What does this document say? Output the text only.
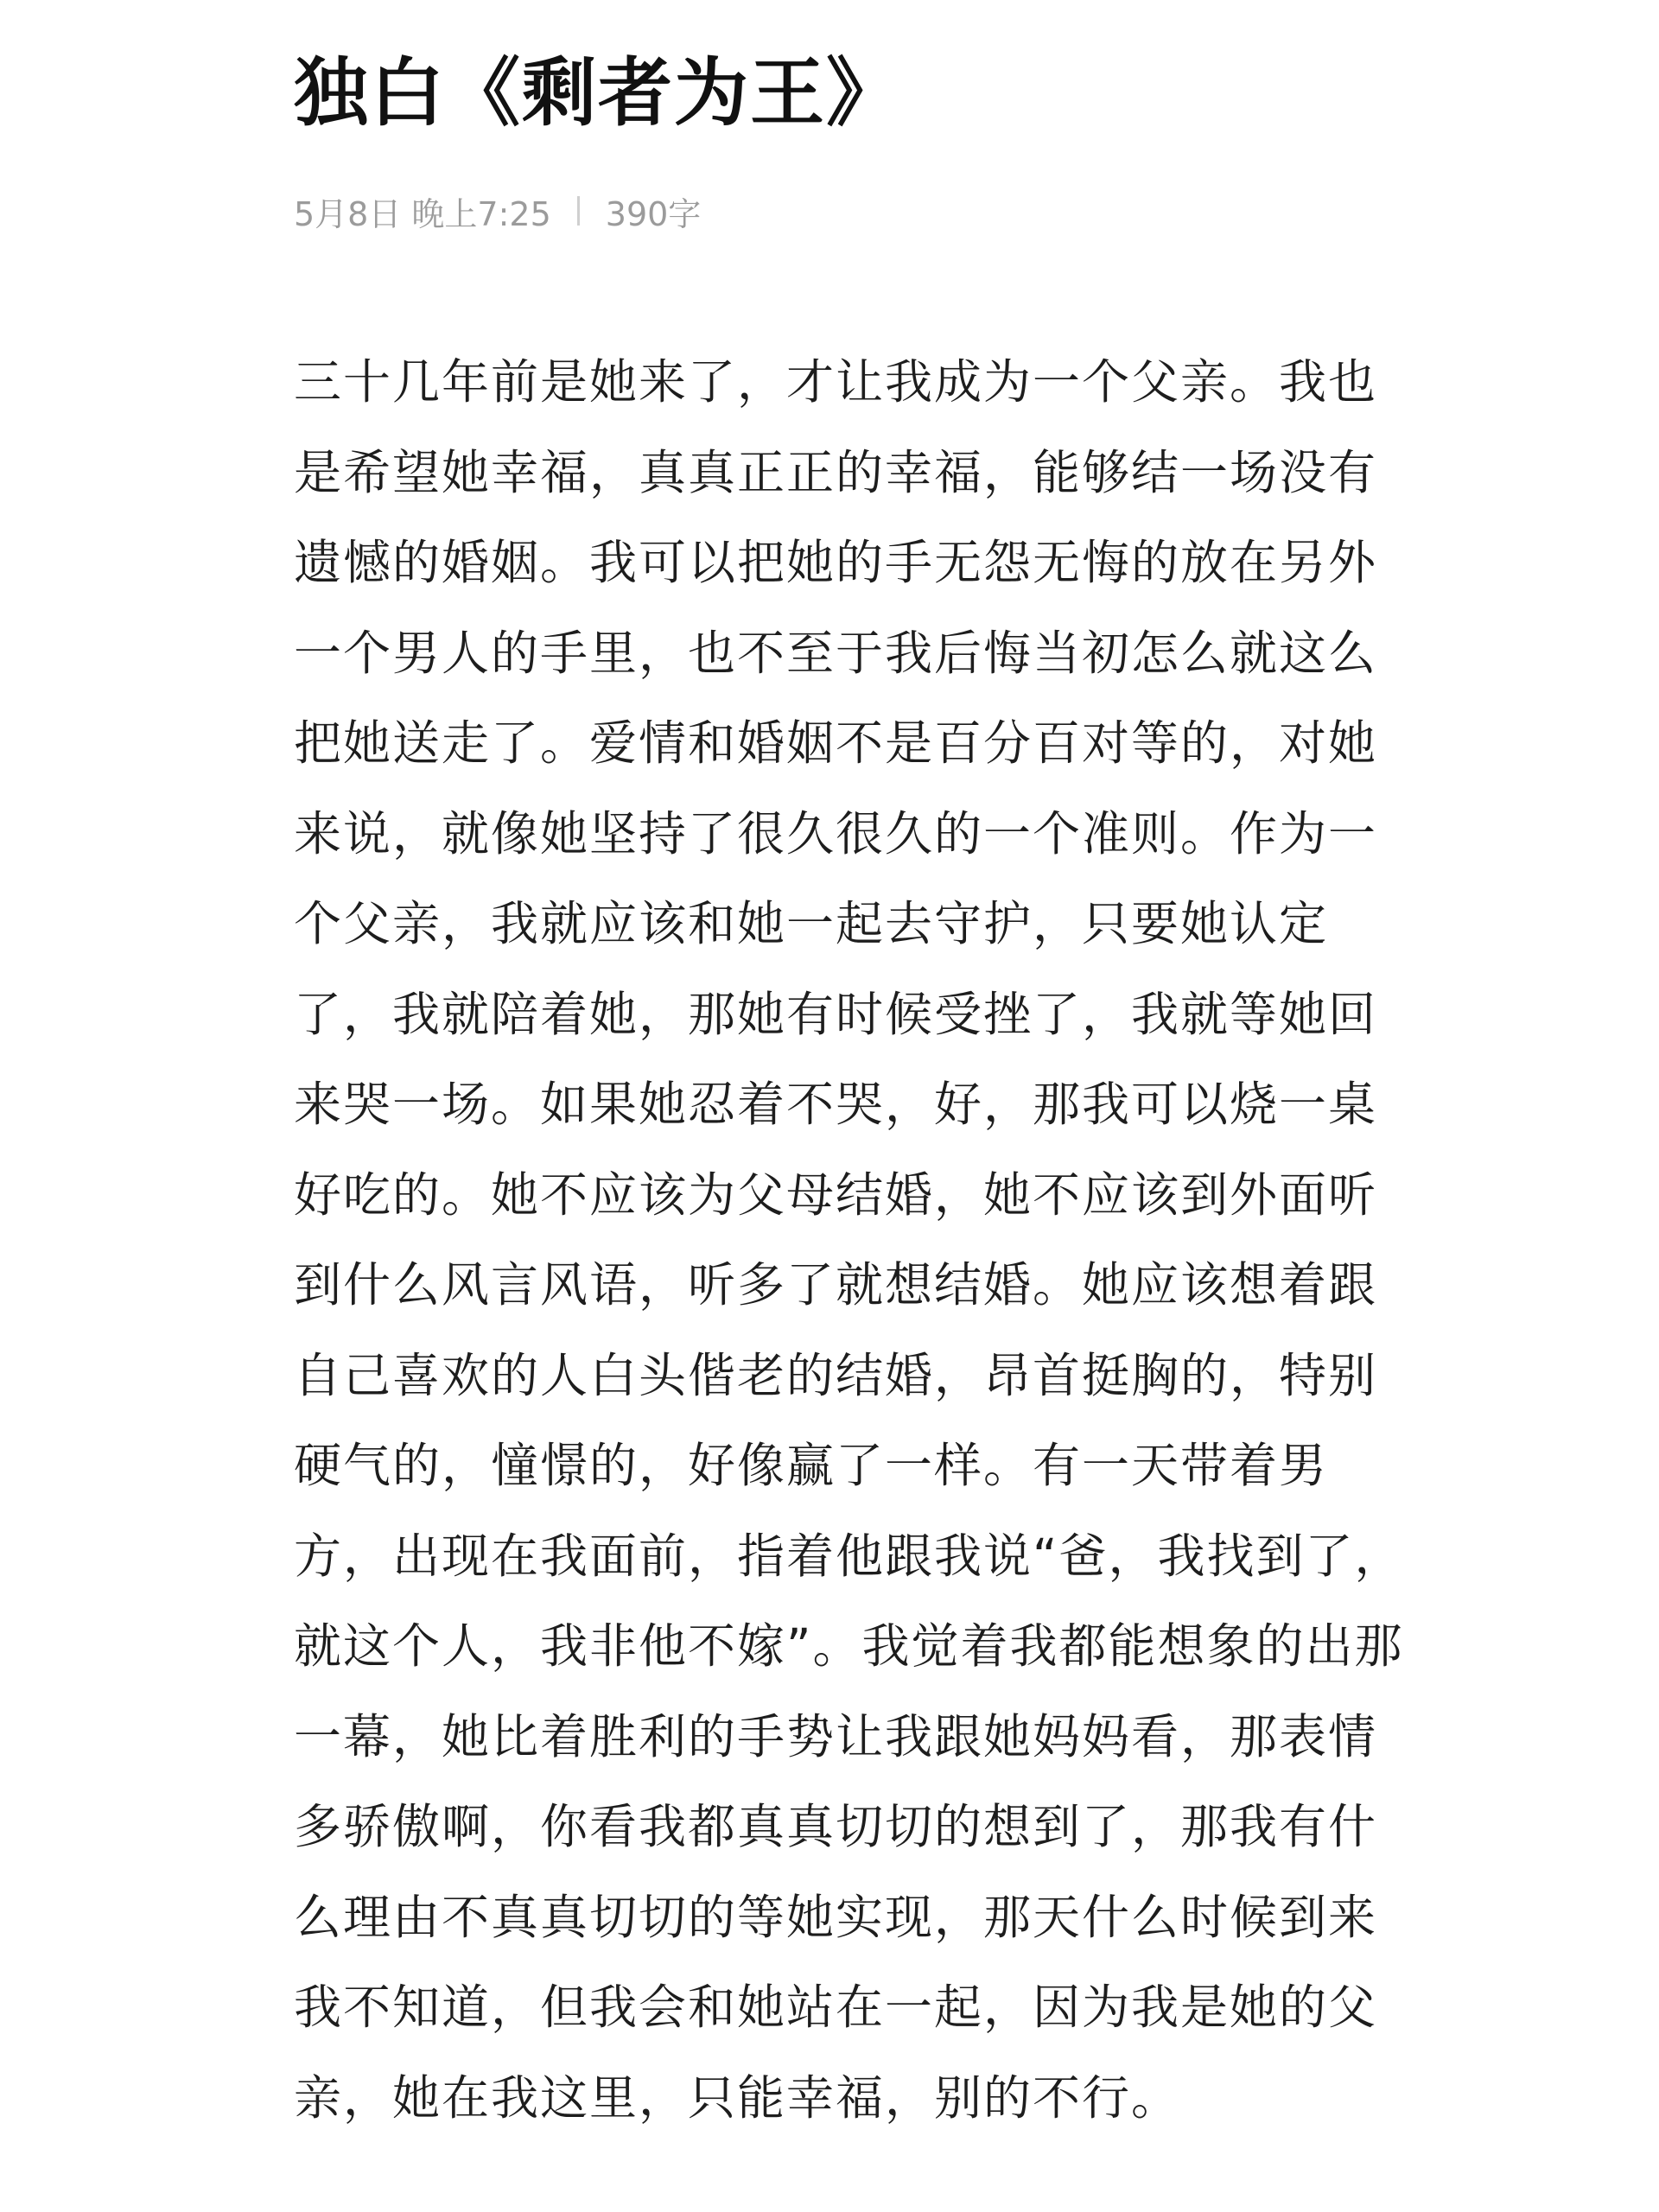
独白《剩者为王》
5月8日 晚上7:25 390字
三十几年前是她来了，才让我成为一个父亲。我也
是希望她幸福，真真正正的幸福，能够结一场没有
遗憾的婚姻。我可以把她的手无怨无悔的放在另外
一个男人的手里，也不至于我后悔当初怎么就这么
把她送走了。爱情和婚姻不是百分百对等的，对她
来说，就像她坚持了很久很久的一个准则。作为一
个父亲，我就应该和她一起去守护，只要她认定
了，我就陪着她，那她有时候受挫了，我就等她回
来哭一场。如果她忍着不哭，好，那我可以烧一桌
好吃的。她不应该为父母结婚，她不应该到外面听
到什么风言风语，听多了就想结婚。她应该想着跟
自己喜欢的人白头偕老的结婚，昂首挺胸的，特别
硬气的，憧憬的，好像赢了一样。有一天带着男
方，出现在我面前，指着他跟我说“爸，我找到了，
就这个人，我非他不嫁”。我觉着我都能想象的出那
一幕，她比着胜利的手势让我跟她妈妈看，那表情
多骄傲啊，你看我都真真切切的想到了，那我有什
么理由不真真切切的等她实现，那天什么时候到来
我不知道，但我会和她站在一起，因为我是她的父
亲，她在我这里，只能幸福，别的不行。
